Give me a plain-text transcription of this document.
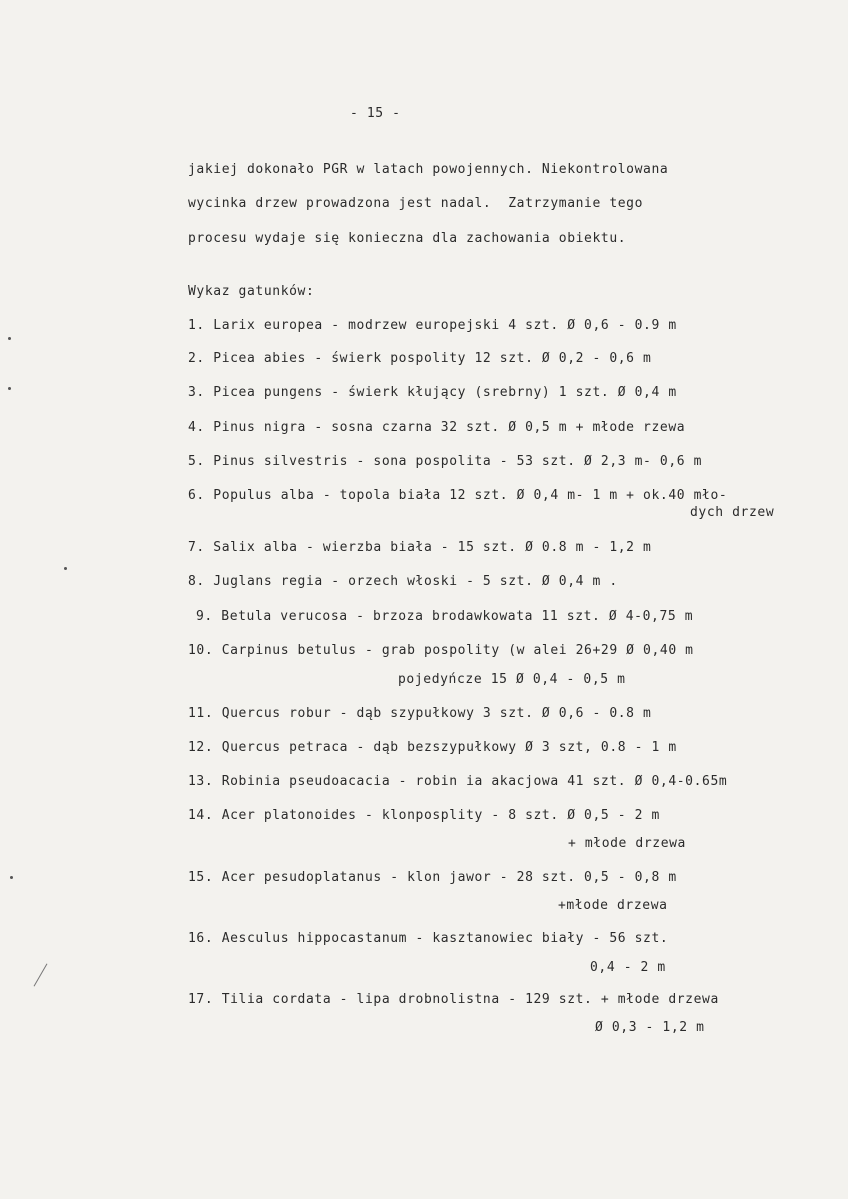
- 15 -
jakiej dokonało PGR w latach powojennych. Niekontrolowana
wycinka drzew prowadzona jest nadal.  Zatrzymanie tego
procesu wydaje się konieczna dla zachowania obiektu.
Wykaz gatunków:
1. Larix europea - modrzew europejski 4 szt. Ø 0,6 - 0.9 m
2. Picea abies - świerk pospolity 12 szt. Ø 0,2 - 0,6 m
3. Picea pungens - świerk kłujący (srebrny) 1 szt. Ø 0,4 m
4. Pinus nigra - sosna czarna 32 szt. Ø 0,5 m + młode rzewa
5. Pinus silvestris - sona pospolita - 53 szt. Ø 2,3 m- 0,6 m
6. Populus alba - topola biała 12 szt. Ø 0,4 m- 1 m + ok.40 mło-
dych drzew
7. Salix alba - wierzba biała - 15 szt. Ø 0.8 m - 1,2 m
8. Juglans regia - orzech włoski - 5 szt. Ø 0,4 m .
9. Betula verucosa - brzoza brodawkowata 11 szt. Ø 4-0,75 m
10. Carpinus betulus - grab pospolity (w alei 26+29 Ø 0,40 m
pojedyńcze 15 Ø 0,4 - 0,5 m
11. Quercus robur - dąb szypułkowy 3 szt. Ø 0,6 - 0.8 m
12. Quercus petraca - dąb bezszypułkowy Ø 3 szt, 0.8 - 1 m
13. Robinia pseudoacacia - robin ia akacjowa 41 szt. Ø 0,4-0.65m
14. Acer platonoides - klonposplity - 8 szt. Ø 0,5 - 2 m
+ młode drzewa
15. Acer pesudoplatanus - klon jawor - 28 szt. 0,5 - 0,8 m
+młode drzewa
16. Aesculus hippocastanum - kasztanowiec biały - 56 szt.
0,4 - 2 m
17. Tilia cordata - lipa drobnolistna - 129 szt. + młode drzewa
Ø 0,3 - 1,2 m
